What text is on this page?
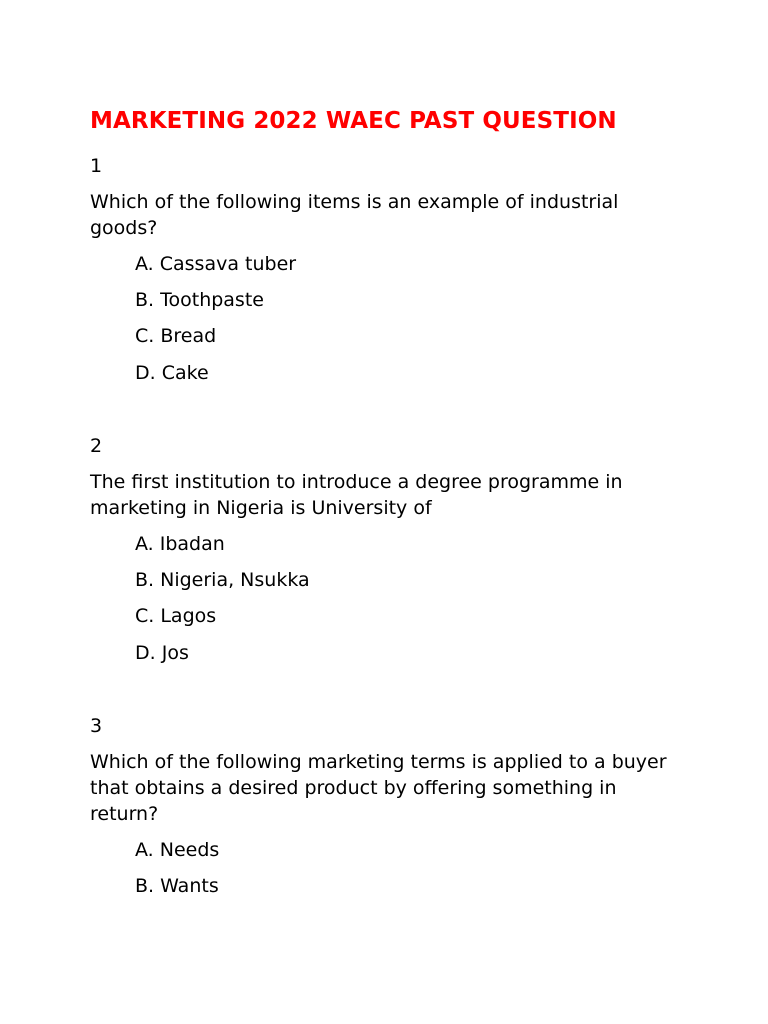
MARKETING 2022 WAEC PAST QUESTION
1
Which of the following items is an example of industrial goods?
A. Cassava tuber
B. Toothpaste
C. Bread
D. Cake
2
The first institution to introduce a degree programme in marketing in Nigeria is University of
A. Ibadan
B. Nigeria, Nsukka
C. Lagos
D. Jos
3
Which of the following marketing terms is applied to a buyer that obtains a desired product by offering something in return?
A. Needs
B. Wants
